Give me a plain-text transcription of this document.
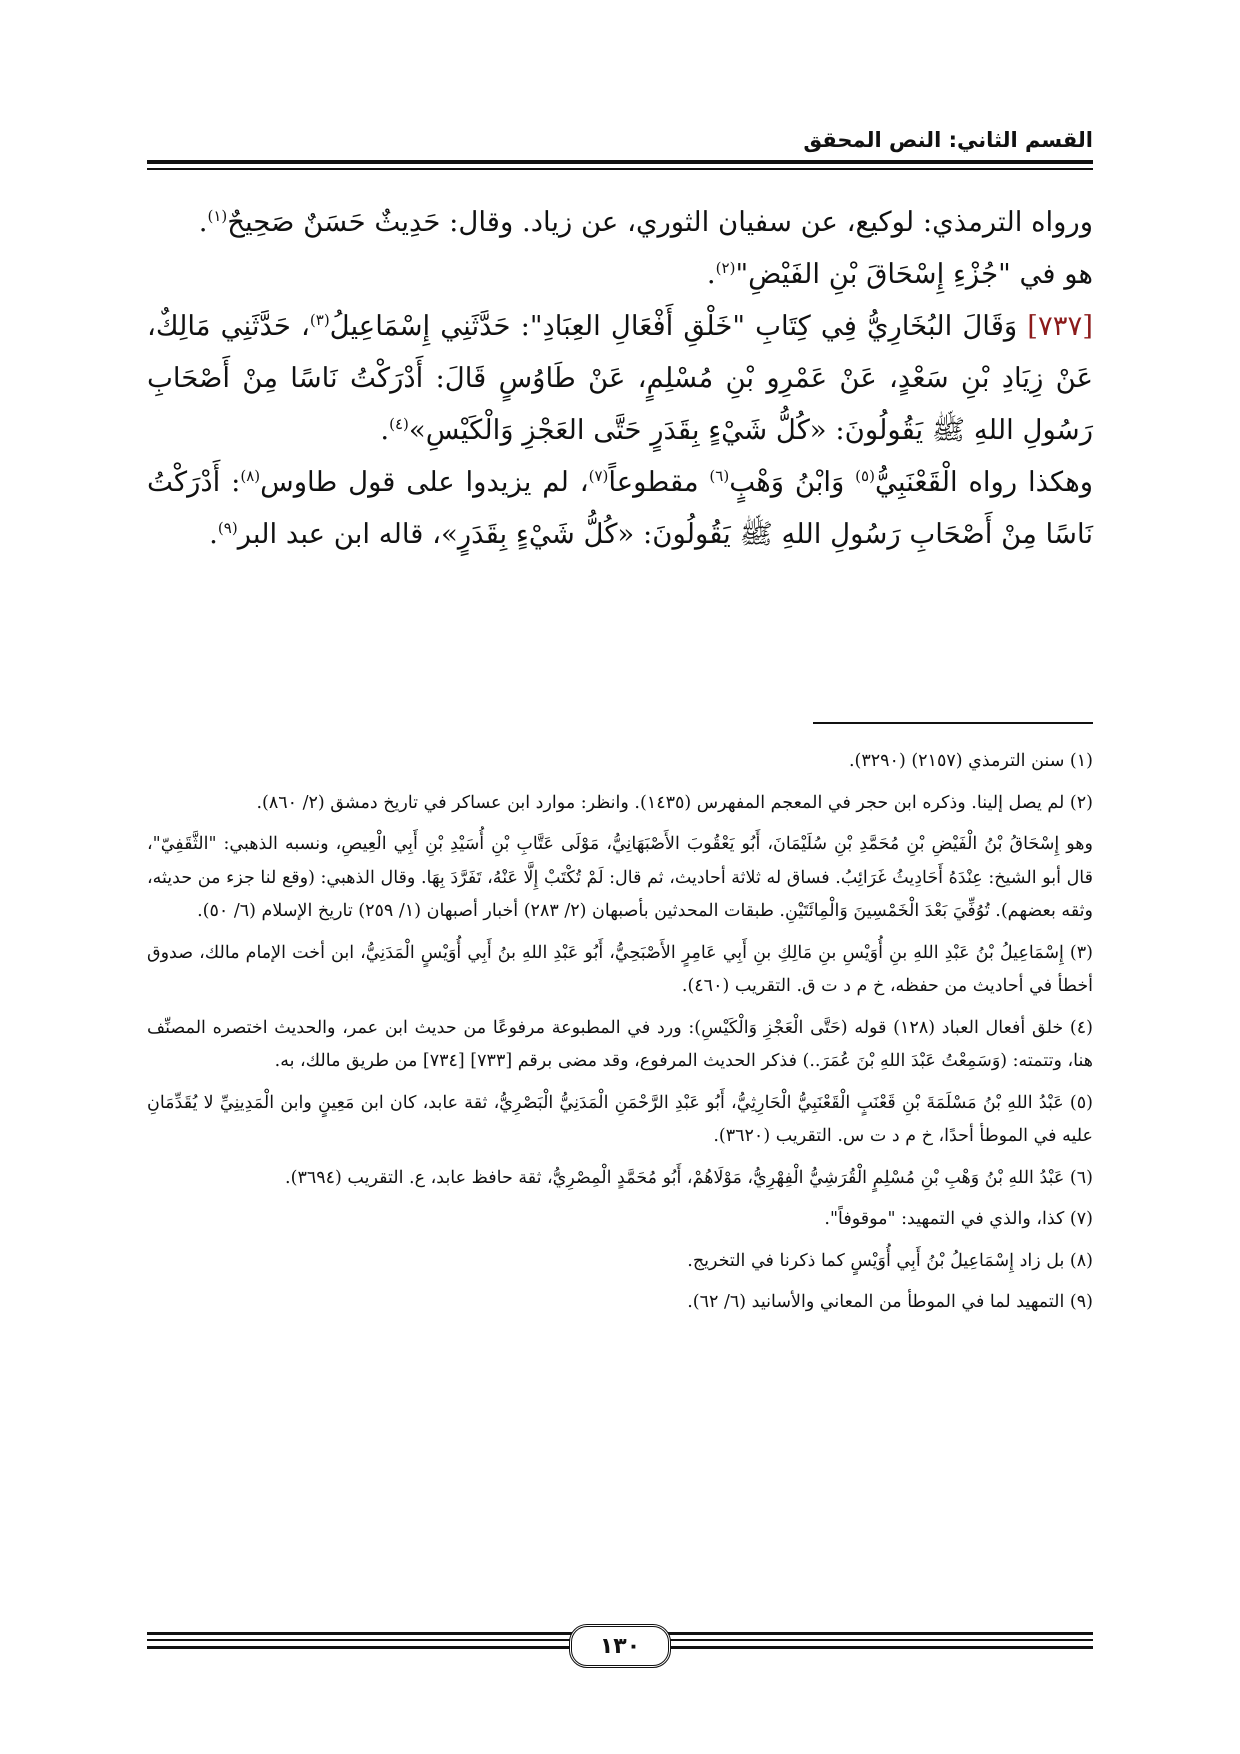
القسم الثاني: النص المحقق

ورواه الترمذي: لوكيع، عن سفيان الثوري، عن زياد. وقال: حَدِيثٌ حَسَنٌ صَحِيحٌ$^{(١)}$.

هو في "جُزْءِ إِسْحَاقَ بْنِ الفَيْضِ"$^{(٢)}$.

[٧٣٧] وَقَالَ البُخَارِيُّ فِي كِتَابِ "خَلْقِ أَفْعَالِ العِبَادِ": حَدَّثَنِي إِسْمَاعِيلُ$^{(٣)}$، حَدَّثَنِي مَالِكٌ، عَنْ زِيَادِ بْنِ سَعْدٍ، عَنْ عَمْرِو بْنِ مُسْلِمٍ، عَنْ طَاوُسٍ قَالَ: أَدْرَكْتُ نَاسًا مِنْ أَصْحَابِ رَسُولِ اللهِ ﷺ يَقُولُونَ: «كُلُّ شَيْءٍ بِقَدَرٍ حَتَّى العَجْزِ وَالْكَيْسِ»$^{(٤)}$.

وهكذا رواه الْقَعْنَبِيُّ$^{(٥)}$ وَابْنُ وَهْبٍ$^{(٦)}$ مقطوعاً$^{(٧)}$، لم يزيدوا على قول طاوس$^{(٨)}$: أَدْرَكْتُ نَاسًا مِنْ أَصْحَابِ رَسُولِ اللهِ ﷺ يَقُولُونَ: «كُلُّ شَيْءٍ بِقَدَرٍ»، قاله ابن عبد البر$^{(٩)}$.

(١) سنن الترمذي (٢١٥٧) (٣٢٩٠).

(٢) لم يصل إلينا. وذكره ابن حجر في المعجم المفهرس (١٤٣٥). وانظر: موارد ابن عساكر في تاريخ دمشق (٢/ ٨٦٠).

وهو إِسْحَاقُ بْنُ الْفَيْضِ بْنِ مُحَمَّدِ بْنِ سُلَيْمَانَ، أَبُو يَعْقُوبَ الأَصْبَهَانِيُّ، مَوْلَى عَتَّابِ بْنِ أُسَيْدِ بْنِ أَبِي الْعِيصِ، ونسبه الذهبي: "الثَّقَفِيّ"، قال أبو الشيخ: عِنْدَهُ أَحَادِيثُ غَرَائِبُ. فساق له ثلاثة أحاديث، ثم قال: لَمْ تُكْتَبْ إِلَّا عَنْهُ، تَفَرَّدَ بِهَا. وقال الذهبي: (وقع لنا جزء من حديثه، وثقه بعضهم). تُوُفِّيَ بَعْدَ الْخَمْسِينَ وَالْمِائَتَيْنِ. طبقات المحدثين بأصبهان (٢/ ٢٨٣) أخبار أصبهان (١/ ٢٥٩) تاريخ الإسلام (٦/ ٥٠).

(٣) إِسْمَاعِيلُ بْنُ عَبْدِ اللهِ بنِ أُوَيْسِ بنِ مَالِكِ بنِ أَبِي عَامِرٍ الأَصْبَحِيُّ، أَبُو عَبْدِ اللهِ بنُ أَبِي أُوَيْسٍ الْمَدَنِيُّ، ابن أخت الإمام مالك، صدوق أخطأ في أحاديث من حفظه، خ م د ت ق. التقريب (٤٦٠).

(٤) خلق أفعال العباد (١٢٨) قوله (حَتَّى الْعَجْزِ وَالْكَيْسِ): ورد في المطبوعة مرفوعًا من حديث ابن عمر، والحديث اختصره المصنِّف هنا، وتتمته: (وَسَمِعْتُ عَبْدَ اللهِ بْنَ عُمَرَ..) فذكر الحديث المرفوع، وقد مضى برقم [٧٣٣] [٧٣٤] من طريق مالك، به.

(٥) عَبْدُ اللهِ بْنُ مَسْلَمَةَ بْنِ قَعْنَبٍ الْقَعْنَبِيُّ الْحَارِثِيُّ، أَبُو عَبْدِ الرَّحْمَنِ الْمَدَنِيُّ الْبَصْرِيُّ، ثقة عابد، كان ابن مَعِينٍ وابن الْمَدِينِيِّ لا يُقَدِّمَانِ عليه في الموطأ أحدًا، خ م د ت س. التقريب (٣٦٢٠).

(٦) عَبْدُ اللهِ بْنُ وَهْبِ بْنِ مُسْلِمٍ الْقُرَشِيُّ الْفِهْرِيُّ، مَوْلَاهُمْ، أَبُو مُحَمَّدٍ الْمِصْرِيُّ، ثقة حافظ عابد، ع. التقريب (٣٦٩٤).

(٧) كذا، والذي في التمهيد: "موقوفاً".

(٨) بل زاد إِسْمَاعِيلُ بْنُ أَبِي أُوَيْسٍ كما ذكرنا في التخريج.

(٩) التمهيد لما في الموطأ من المعاني والأسانيد (٦/ ٦٢).

١٣٠
